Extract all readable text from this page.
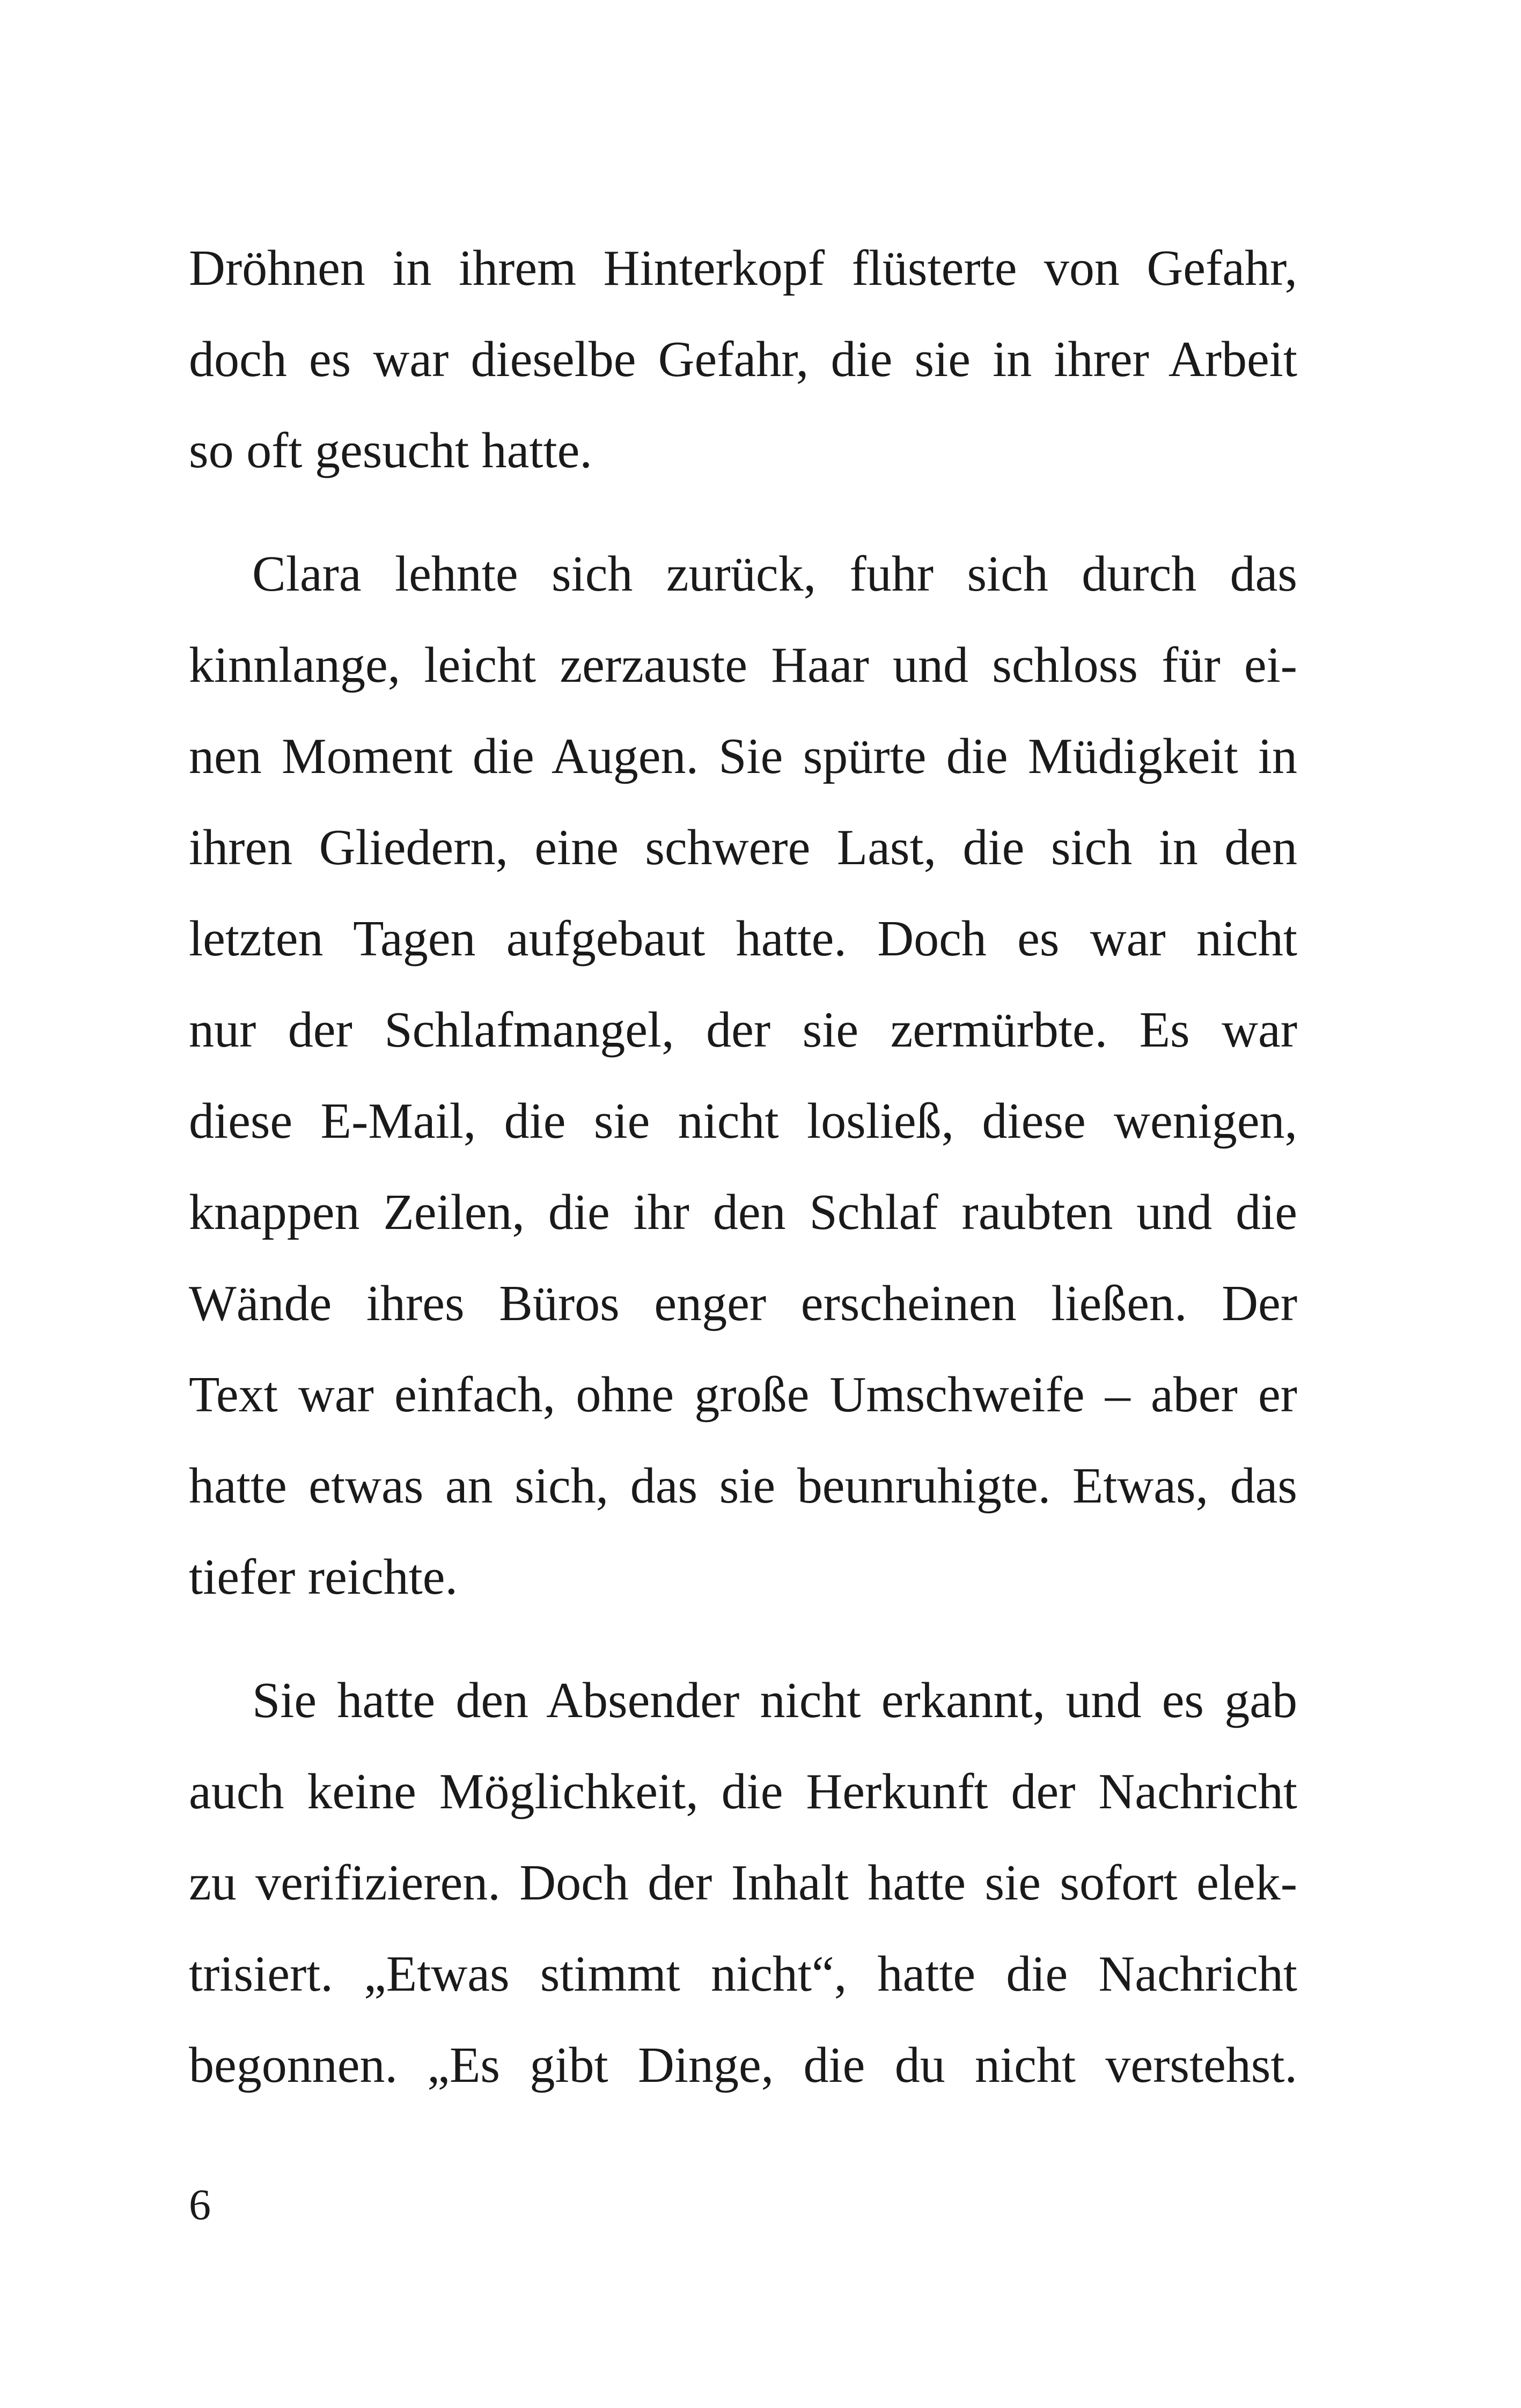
Dröhnen in ihrem Hinterkopf flüsterte von Gefahr,
doch es war dieselbe Gefahr, die sie in ihrer Arbeit
so oft gesucht hatte.
Clara lehnte sich zurück, fuhr sich durch das
kinnlange, leicht zerzauste Haar und schloss für ei-
nen Moment die Augen. Sie spürte die Müdigkeit in
ihren Gliedern, eine schwere Last, die sich in den
letzten Tagen aufgebaut hatte. Doch es war nicht
nur der Schlafmangel, der sie zermürbte. Es war
diese E-Mail, die sie nicht losließ, diese wenigen,
knappen Zeilen, die ihr den Schlaf raubten und die
Wände ihres Büros enger erscheinen ließen. Der
Text war einfach, ohne große Umschweife – aber er
hatte etwas an sich, das sie beunruhigte. Etwas, das
tiefer reichte.
Sie hatte den Absender nicht erkannt, und es gab
auch keine Möglichkeit, die Herkunft der Nachricht
zu verifizieren. Doch der Inhalt hatte sie sofort elek-
trisiert. „Etwas stimmt nicht“, hatte die Nachricht
begonnen. „Es gibt Dinge, die du nicht verstehst.
6
